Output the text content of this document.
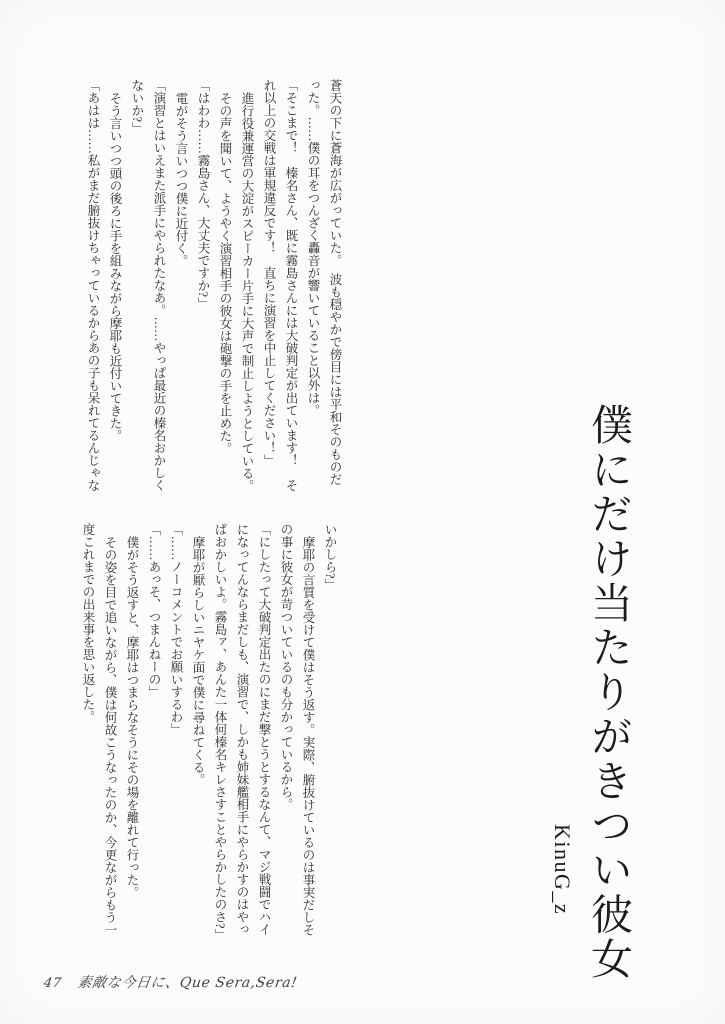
僕にだけ当たりがきつい彼女
KinuG_z

蒼天の下に蒼海が広がっていた。　波も穏やかで傍目には平和そのものだ

った。……僕の耳をつんざく轟音が響いていること以外は。

「そこまで！　榛名さん、既に霧島さんには大破判定が出ています！　そ

れ以上の交戦は軍規違反です！　直ちに演習を中止してください！」

進行役兼運営の大淀がスピーカー片手に大声で制止しようとしている。

その声を聞いて、ようやく演習相手の彼女は砲撃の手を止めた。

「はわわ……霧島さん、大丈夫ですか?」

電がそう言いつつ僕に近付く。

「演習とはいえまた派手にやられたなあ。……やっぱ最近の榛名おかしく

ないか?」

そう言いつつ頭の後ろに手を組みながら摩耶も近付いてきた。

「あはは……私がまだ腑抜けちゃっているからあの子も呆れてるんじゃな

いかしら?」

摩耶の言質を受けて僕はそう返す。実際、腑抜けているのは事実だしそ

の事に彼女が苛ついているのも分かっているから。

「にしたって大破判定出たのにまだ撃とうとするなんて、マジ戦闘でハイ

になってんならまだしも、演習で、しかも姉妹艦相手にやらかすのはやっ

ぱおかしいよ。霧島ァ、あんた一体何榛名キレさすことやらかしたのさ?」

摩耶が厭らしいニヤケ面で僕に尋ねてくる。

「……ノーコメントでお願いするわ」

「……あっそ、つまんねーの」

僕がそう返すと、摩耶はつまらなそうにその場を離れて行った。

その姿を目で追いながら、僕は何故こうなったのか、今更ながらもう一

度これまでの出来事を思い返した。

47 素敵な今日に、Que Sera,Sera!
